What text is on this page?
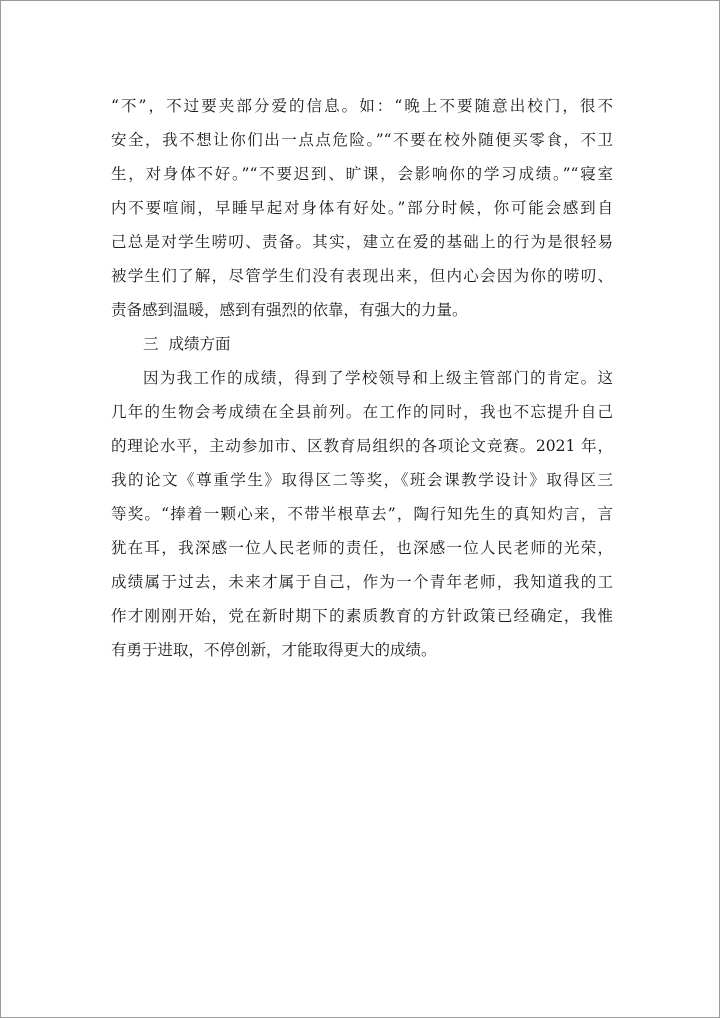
“不”，不过要夹部分爱的信息。如：“晚上不要随意出校门，很不
安全，我不想让你们出一点点危险。”“不要在校外随便买零食，不卫
生，对身体不好。”“不要迟到、旷课，会影响你的学习成绩。”“寝室
内不要喧闹，早睡早起对身体有好处。”部分时候，你可能会感到自
己总是对学生唠叨、责备。其实，建立在爱的基础上的行为是很轻易
被学生们了解，尽管学生们没有表现出来，但内心会因为你的唠叨、
责备感到温暖，感到有强烈的依靠，有强大的力量。
三 成绩方面
因为我工作的成绩，得到了学校领导和上级主管部门的肯定。这
几年的生物会考成绩在全县前列。在工作的同时，我也不忘提升自己
的理论水平，主动参加市、区教育局组织的各项论文竞赛。2021 年，
我的论文《尊重学生》取得区二等奖，《班会课教学设计》取得区三
等奖。“捧着一颗心来，不带半根草去”，陶行知先生的真知灼言，言
犹在耳，我深感一位人民老师的责任，也深感一位人民老师的光荣，
成绩属于过去，未来才属于自己，作为一个青年老师，我知道我的工
作才刚刚开始，党在新时期下的素质教育的方针政策已经确定，我惟
有勇于进取，不停创新，才能取得更大的成绩。
